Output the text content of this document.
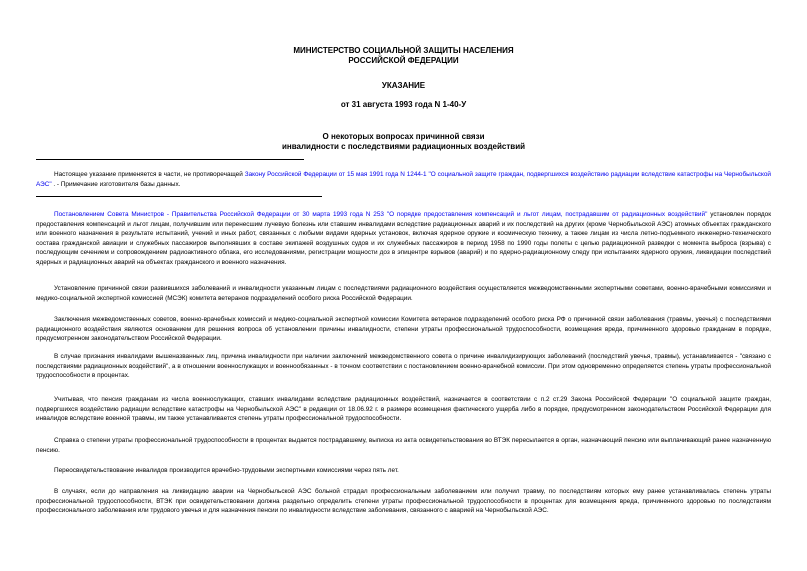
МИНИСТЕРСТВО СОЦИАЛЬНОЙ ЗАЩИТЫ НАСЕЛЕНИЯ
РОССИЙСКОЙ ФЕДЕРАЦИИ
УКАЗАНИЕ
от 31 августа 1993 года N 1-40-У
О некоторых вопросах причинной связи
инвалидности с последствиями радиационных воздействий

Настоящее указание применяется в части, не противоречащей Закону Российской Федерации от 15 мая 1991 года N 1244-1 "О социальной защите граждан, подвергшихся воздействию радиации вследствие катастрофы на Чернобыльской АЭС" . - Примечание изготовителя базы данных.

Постановлением Совета Министров - Правительства Российской Федерации от 30 марта 1993 года N 253 "О порядке предоставления компенсаций и льгот лицам, пострадавшим от радиационных воздействий" установлен порядок предоставления компенсаций и льгот лицам, получившим или перенесшим лучевую болезнь или ставшим инвалидами вследствие радиационных аварий и их последствий на других (кроме Чернобыльской АЭС) атомных объектах гражданского или военного назначения в результате испытаний, учений и иных работ, связанных с любыми видами ядерных установок, включая ядерное оружие и космическую технику, а также лицам из числа летно-подъемного инженерно-технического состава гражданской авиации и служебных пассажиров выполнявших в составе экипажей воздушных судов и их служебных пассажиров в период 1958 по 1990 годы полеты с целью радиационной разведки с момента выброса (взрыва) с последующим сечением и сопровождением радиоактивного облака, его исследованиями, регистрации мощности доз в эпицентре взрывов (аварий) и по ядерно-радиационному следу при испытаниях ядерного оружия, ликвидации последствий ядерных и радиационных аварий на объектах гражданского и военного назначения.

Установление причинной связи развившихся заболеваний и инвалидности указанным лицам с последствиями радиационного воздействия осуществляется межведомственными экспертными советами, военно-врачебными комиссиями и медико-социальной экспертной комиссией (МСЭК) комитета ветеранов подразделений особого риска Российской Федерации.

Заключения межведомственных советов, военно-врачебных комиссий и медико-социальной экспертной комиссии Комитета ветеранов подразделений особого риска РФ о причинной связи заболевания (травмы, увечья) с последствиями радиационного воздействия являются основанием для решения вопроса об установлении причины инвалидности, степени утраты профессиональной трудоспособности, возмещения вреда, причиненного здоровью гражданам в порядке, предусмотренном законодательством Российской Федерации.

В случае признания инвалидами вышеназванных лиц, причина инвалидности при наличии заключений межведомственного совета о причине инвалидизирующих заболеваний (последствий увечья, травмы), устанавливается - "связано с последствиями радиационных воздействий", а в отношении военнослужащих и военнообязанных - в точном соответствии с постановлением военно-врачебной комиссии. При этом одновременно определяется степень утраты профессиональной трудоспособности в процентах.

Учитывая, что пенсия гражданам из числа военнослужащих, ставших инвалидами вследствие радиационных воздействий, назначается в соответствии с п.2 ст.29 Закона Российской Федерации "О социальной защите граждан, подвергшихся воздействию радиации вследствие катастрофы на Чернобыльской АЭС" в редакции от 18.06.92 г. в размере возмещения фактического ущерба либо в порядке, предусмотренном законодательством Российской Федерации для инвалидов вследствие военной травмы, им также устанавливается степень утраты профессиональной трудоспособности.

Справка о степени утраты профессиональной трудоспособности в процентах выдается пострадавшему, выписка из акта освидетельствования во ВТЭК пересылается в орган, назначающий пенсию или выплачивающий ранее назначенную пенсию.

Переосвидетельствование инвалидов производится врачебно-трудовыми экспертными комиссиями через пять лет.

В случаях, если до направления на ликвидацию аварии на Чернобыльской АЭС больной страдал профессиональным заболеванием или получил травму, по последствиям которых ему ранее устанавливалась степень утраты профессиональной трудоспособности, ВТЭК при освидетельствовании должна раздельно определить степени утраты профессиональной трудоспособности в процентах для возмещения вреда, причиненного здоровью по последствиям профессионального заболевания или трудового увечья и для назначения пенсии по инвалидности вследствие заболевания, связанного с аварией на Чернобыльской АЭС.
